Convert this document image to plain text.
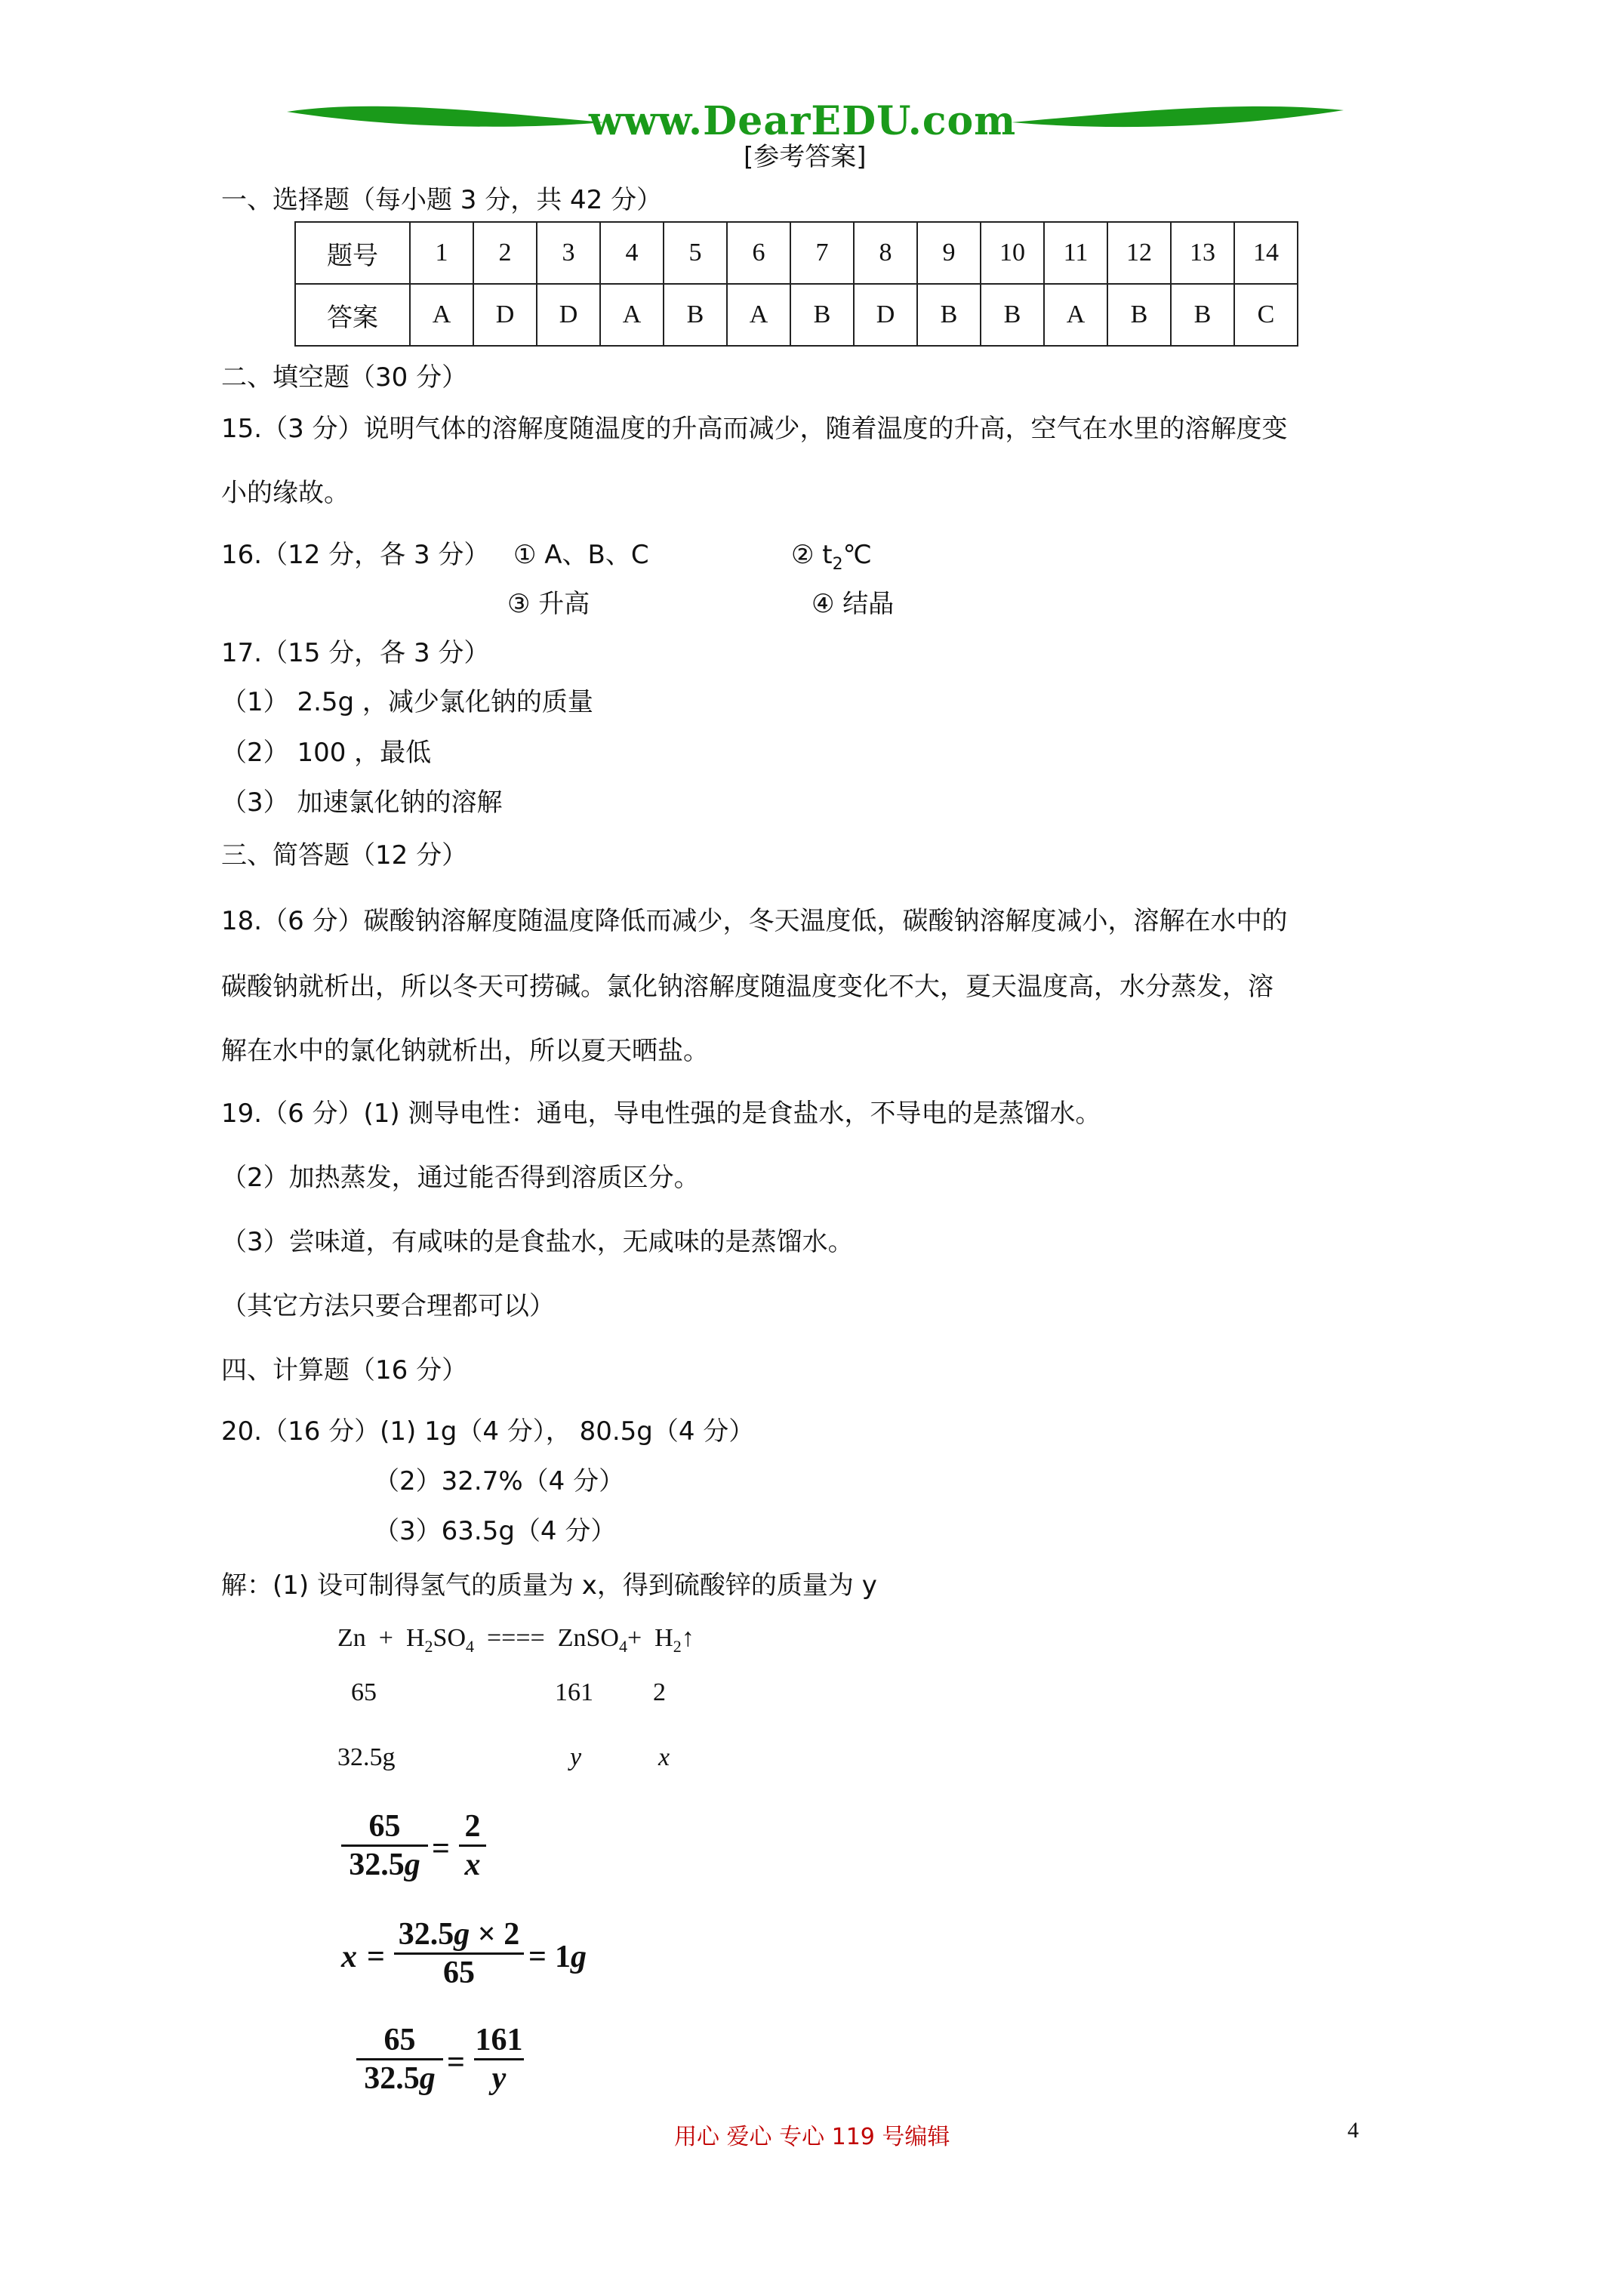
www.DearEDU.com
[参考答案]
一、选择题（每小题 3 分，共 42 分）
题号	1	2	3	4	5	6	7	8	9	10	11	12	13	14
答案	A	D	D	A	B	A	B	D	B	B	A	B	B	C
二、填空题（30 分）
15.（3 分）说明气体的溶解度随温度的升高而减少，随着温度的升高，空气在水里的溶解度变
小的缘故。
16.（12 分，各 3 分） ① A、B、C	② $t_2℃$
③ 升高	④ 结晶
17.（15 分，各 3 分）
（1） 2.5g ，减少氯化钠的质量
（2） 100 ，最低
（3） 加速氯化钠的溶解
三、简答题（12 分）
18.（6 分）碳酸钠溶解度随温度降低而减少，冬天温度低，碳酸钠溶解度减小，溶解在水中的
碳酸钠就析出，所以冬天可捞碱。氯化钠溶解度随温度变化不大，夏天温度高，水分蒸发，溶
解在水中的氯化钠就析出，所以夏天晒盐。
19.（6 分）(1) 测导电性：通电，导电性强的是食盐水，不导电的是蒸馏水。
（2）加热蒸发，通过能否得到溶质区分。
（3）尝味道，有咸味的是食盐水，无咸味的是蒸馏水。
（其它方法只要合理都可以）
四、计算题（16 分）
20.（16 分）(1) 1g（4 分）， 80.5g（4 分）
（2）32.7%（4 分）
（3）63.5g（4 分）
解：(1) 设可制得氢气的质量为 x，得到硫酸锌的质量为 y
$Zn + H_2SO_4$ ==== ZnSO$_4$+ $H_2↑$
65	161 2
32.5g	y	x
65
32.5g =
2
x
x =
32.5g × 2
65	= 1g
65
32.5g =
161
y
用心 爱心 专心 119 号编辑	4
